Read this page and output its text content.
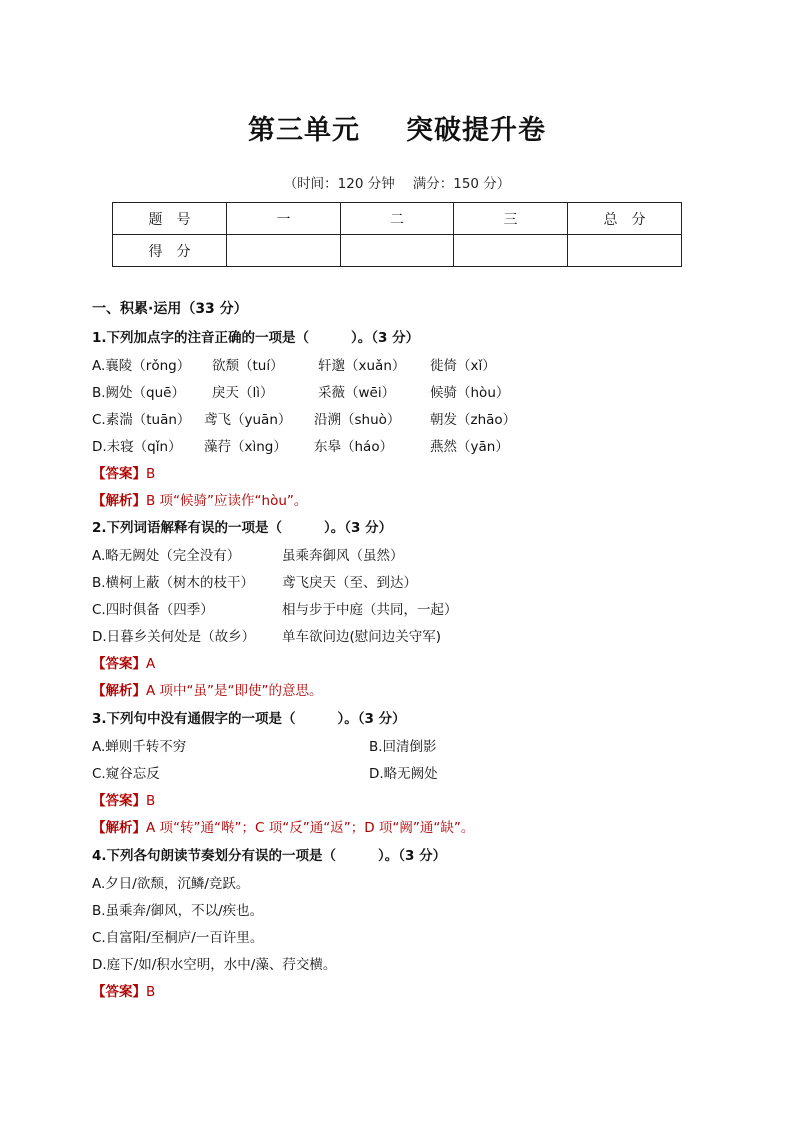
第三单元 突破提升卷
（时间：120 分钟 满分：150 分）
题　号	一	二	三	总　分
得　分				
一、积累·运用（33 分）
1.下列加点字的注音正确的一项是（	）。（3 分）
A.襄陵（rǒng） 欲颓（tuí）	轩邈（xuǎn） 徙倚（xǐ）
B.阙处（quē） 戾天（lì）	采薇（wēi）	候骑（hòu）
C.素湍（tuān） 鸢飞（yuān） 沿溯（shuò） 朝发（zhāo）
D.未寝（qǐn） 藻荇（xìng） 东皋（háo）	燕然（yān）
【答案】B
【解析】B 项“候骑”应读作“hòu”。
2.下列词语解释有误的一项是（	）。（3 分）
A.略无阙处（完全没有）	虽乘奔御风（虽然）
B.横柯上蔽（树木的枝干） 鸢飞戾天（至、到达）
C.四时俱备（四季）	相与步于中庭（共同，一起）
D.日暮乡关何处是（故乡） 单车欲问边(慰问边关守军)
【答案】A
【解析】A 项中“虽”是“即使”的意思。
3.下列句中没有通假字的一项是（	）。（3 分）
A.蝉则千转不穷	B.回清倒影
C.窥谷忘反	D.略无阙处
【答案】B
【解析】A 项“转”通“啭”；C 项“反”通“返”；D 项“阙”通“缺”。
4.下列各句朗读节奏划分有误的一项是（	）。（3 分）
A.夕日/欲颓，沉鳞/竞跃。
B.虽乘奔/御风，不以/疾也。
C.自富阳/至桐庐/一百许里。
D.庭下/如/积水空明，水中/藻、荇交横。
【答案】B
